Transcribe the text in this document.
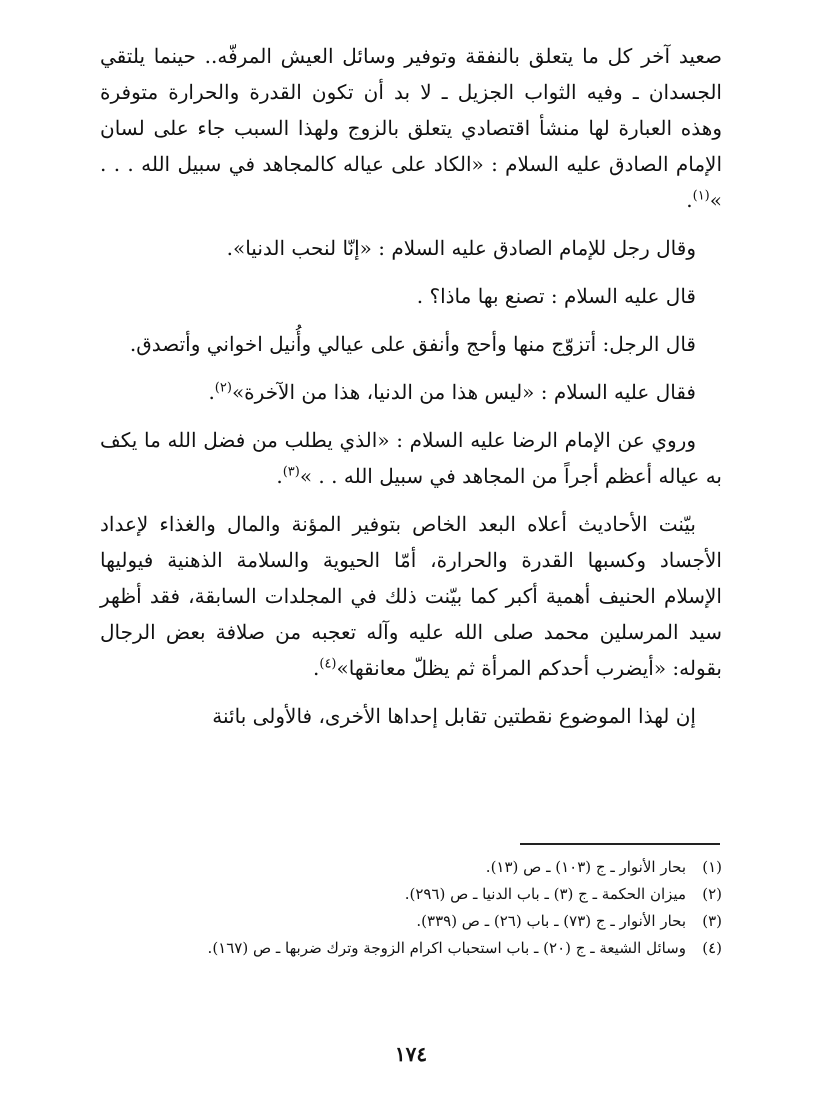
صعيد آخر كل ما يتعلق بالنفقة وتوفير وسائل العيش المرفّه.. حينما يلتقي الجسدان ـ وفيه الثواب الجزيل ـ لا بد أن تكون القدرة والحرارة متوفرة وهذه العبارة لها منشأ اقتصادي يتعلق بالزوج ولهذا السبب جاء على لسان الإمام الصادق عليه السلام : «الكاد على عياله كالمجاهد في سبيل الله . . . »$^{(١)}$.

وقال رجل للإمام الصادق عليه السلام : «إنّا لنحب الدنيا».

قال عليه السلام : تصنع بها ماذا؟ .

قال الرجل: أتزوّج منها وأحج وأنفق على عيالي وأُنيل اخواني وأتصدق.

فقال عليه السلام : «ليس هذا من الدنيا، هذا من الآخرة»$^{(٢)}$.

وروي عن الإمام الرضا عليه السلام : «الذي يطلب من فضل الله ما يكف به عياله أعظم أجراً من المجاهد في سبيل الله . . »$^{(٣)}$.

بيّنت الأحاديث أعلاه البعد الخاص بتوفير المؤنة والمال والغذاء لإعداد الأجساد وكسبها القدرة والحرارة، أمّا الحيوية والسلامة الذهنية فيوليها الإسلام الحنيف أهمية أكبر كما بيّنت ذلك في المجلدات السابقة، فقد أظهر سيد المرسلين محمد صلى الله عليه وآله تعجبه من صلافة بعض الرجال بقوله: «أيضرب أحدكم المرأة ثم يظلّ معانقها»$^{(٤)}$.

إن لهذا الموضوع نقطتين تقابل إحداها الأخرى، فالأولى بائنة

(١)
بحار الأنوار ـ ج (١٠٣) ـ ص (١٣).
(٢)
ميزان الحكمة ـ ج (٣) ـ باب الدنيا ـ ص (٢٩٦).
(٣)
بحار الأنوار ـ ج (٧٣) ـ باب (٢٦) ـ ص (٣٣٩).
(٤)
وسائل الشيعة ـ ج (٢٠) ـ باب استحباب اكرام الزوجة وترك ضربها ـ ص (١٦٧).
١٧٤
